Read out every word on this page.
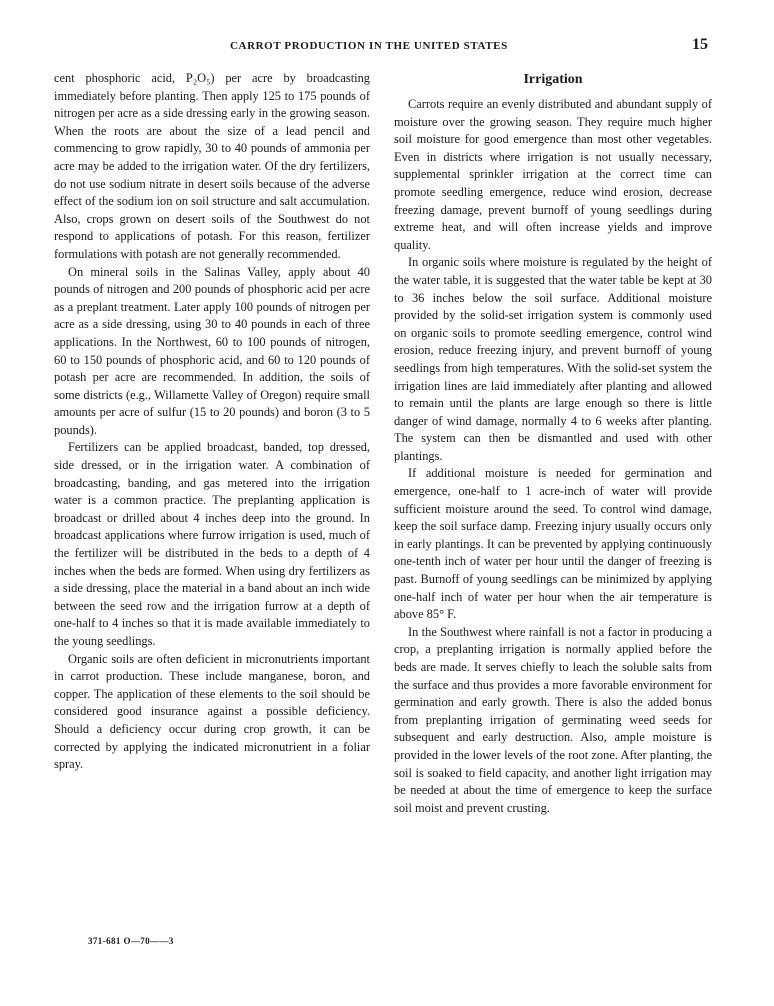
CARROT PRODUCTION IN THE UNITED STATES	15

cent phosphoric acid, P₂O₅) per acre by broadcasting immediately before planting. Then apply 125 to 175 pounds of nitrogen per acre as a side dressing early in the growing season. When the roots are about the size of a lead pencil and commencing to grow rapidly, 30 to 40 pounds of ammonia per acre may be added to the irrigation water. Of the dry fertilizers, do not use sodium nitrate in desert soils because of the adverse effect of the sodium ion on soil structure and salt accumulation. Also, crops grown on desert soils of the Southwest do not respond to applications of potash. For this reason, fertilizer formulations with potash are not generally recommended.

On mineral soils in the Salinas Valley, apply about 40 pounds of nitrogen and 200 pounds of phosphoric acid per acre as a preplant treatment. Later apply 100 pounds of nitrogen per acre as a side dressing, using 30 to 40 pounds in each of three applications. In the Northwest, 60 to 100 pounds of nitrogen, 60 to 150 pounds of phosphoric acid, and 60 to 120 pounds of potash per acre are recommended. In addition, the soils of some districts (e.g., Willamette Valley of Oregon) require small amounts per acre of sulfur (15 to 20 pounds) and boron (3 to 5 pounds).

Fertilizers can be applied broadcast, banded, top dressed, side dressed, or in the irrigation water. A combination of broadcasting, banding, and gas metered into the irrigation water is a common practice. The preplanting application is broadcast or drilled about 4 inches deep into the ground. In broadcast applications where furrow irrigation is used, much of the fertilizer will be distributed in the beds to a depth of 4 inches when the beds are formed. When using dry fertilizers as a side dressing, place the material in a band about an inch wide between the seed row and the irrigation furrow at a depth of one-half to 4 inches so that it is made available immediately to the young seedlings.

Organic soils are often deficient in micronutrients important in carrot production. These include manganese, boron, and copper. The application of these elements to the soil should be considered good insurance against a possible deficiency. Should a deficiency occur during crop growth, it can be corrected by applying the indicated micronutrient in a foliar spray.

Irrigation

Carrots require an evenly distributed and abundant supply of moisture over the growing season. They require much higher soil moisture for good emergence than most other vegetables. Even in districts where irrigation is not usually necessary, supplemental sprinkler irrigation at the correct time can promote seedling emergence, reduce wind erosion, decrease freezing damage, prevent burnoff of young seedlings during extreme heat, and will often increase yields and improve quality.

In organic soils where moisture is regulated by the height of the water table, it is suggested that the water table be kept at 30 to 36 inches below the soil surface. Additional moisture provided by the solid-set irrigation system is commonly used on organic soils to promote seedling emergence, control wind erosion, reduce freezing injury, and prevent burnoff of young seedlings from high temperatures. With the solid-set system the irrigation lines are laid immediately after planting and allowed to remain until the plants are large enough so there is little danger of wind damage, normally 4 to 6 weeks after planting. The system can then be dismantled and used with other plantings.

If additional moisture is needed for germination and emergence, one-half to 1 acre-inch of water will provide sufficient moisture around the seed. To control wind damage, keep the soil surface damp. Freezing injury usually occurs only in early plantings. It can be prevented by applying continuously one-tenth inch of water per hour until the danger of freezing is past. Burnoff of young seedlings can be minimized by applying one-half inch of water per hour when the air temperature is above 85° F.

In the Southwest where rainfall is not a factor in producing a crop, a preplanting irrigation is normally applied before the beds are made. It serves chiefly to leach the soluble salts from the surface and thus provides a more favorable environment for germination and early growth. There is also the added bonus from preplanting irrigation of germinating weed seeds for subsequent and early destruction. Also, ample moisture is provided in the lower levels of the root zone. After planting, the soil is soaked to field capacity, and another light irrigation may be needed at about the time of emergence to keep the surface soil moist and prevent crusting.

371-681 O—70——3
